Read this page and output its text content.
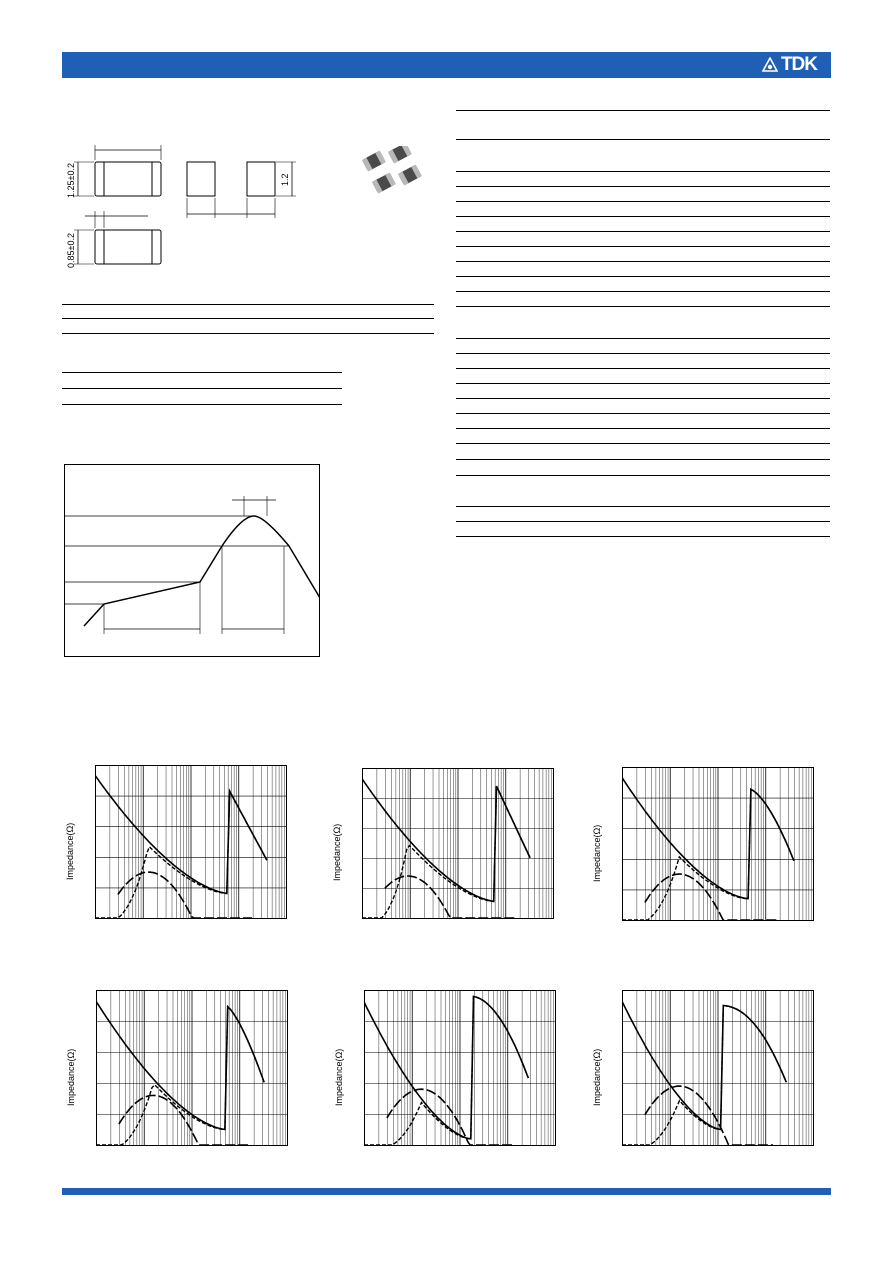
TDK
1.25±0.2
0.85±0.2
1.2
Impedance(Ω)	Impedance(Ω)	Impedance(Ω)
Impedance(Ω)	Impedance(Ω)	Impedance(Ω)
